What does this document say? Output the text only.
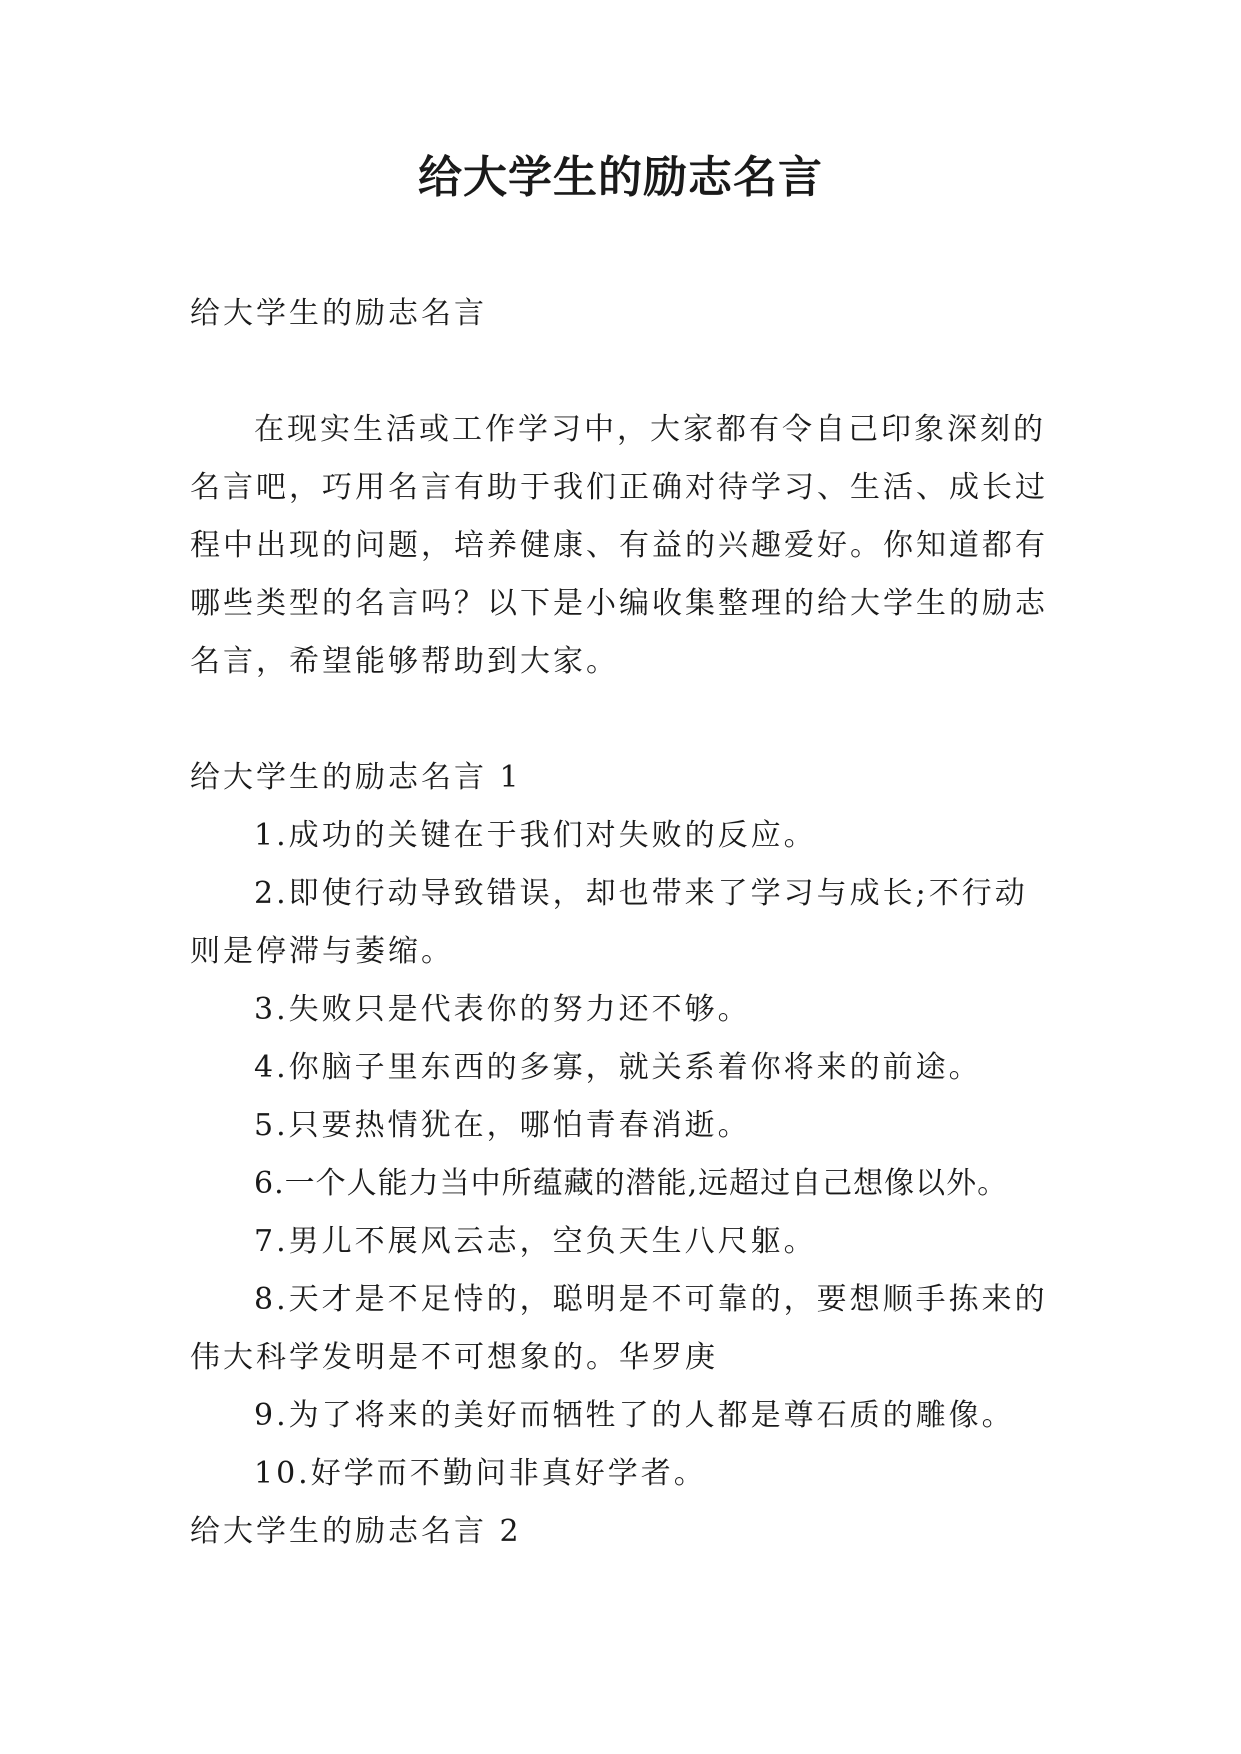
给大学生的励志名言

给大学生的励志名言

在现实生活或工作学习中，大家都有令自己印象深刻的名言吧，巧用名言有助于我们正确对待学习、生活、成长过程中出现的问题，培养健康、有益的兴趣爱好。你知道都有哪些类型的名言吗？以下是小编收集整理的给大学生的励志名言，希望能够帮助到大家。

给大学生的励志名言 1

1.成功的关键在于我们对失败的反应。

2.即使行动导致错误，却也带来了学习与成长;不行动则是停滞与萎缩。

3.失败只是代表你的努力还不够。

4.你脑子里东西的多寡，就关系着你将来的前途。

5.只要热情犹在，哪怕青春消逝。

6.一个人能力当中所蕴藏的潜能,远超过自己想像以外。

7.男儿不展风云志，空负天生八尺躯。

8.天才是不足恃的，聪明是不可靠的，要想顺手拣来的伟大科学发明是不可想象的。华罗庚

9.为了将来的美好而牺牲了的人都是尊石质的雕像。

10.好学而不勤问非真好学者。

给大学生的励志名言 2
